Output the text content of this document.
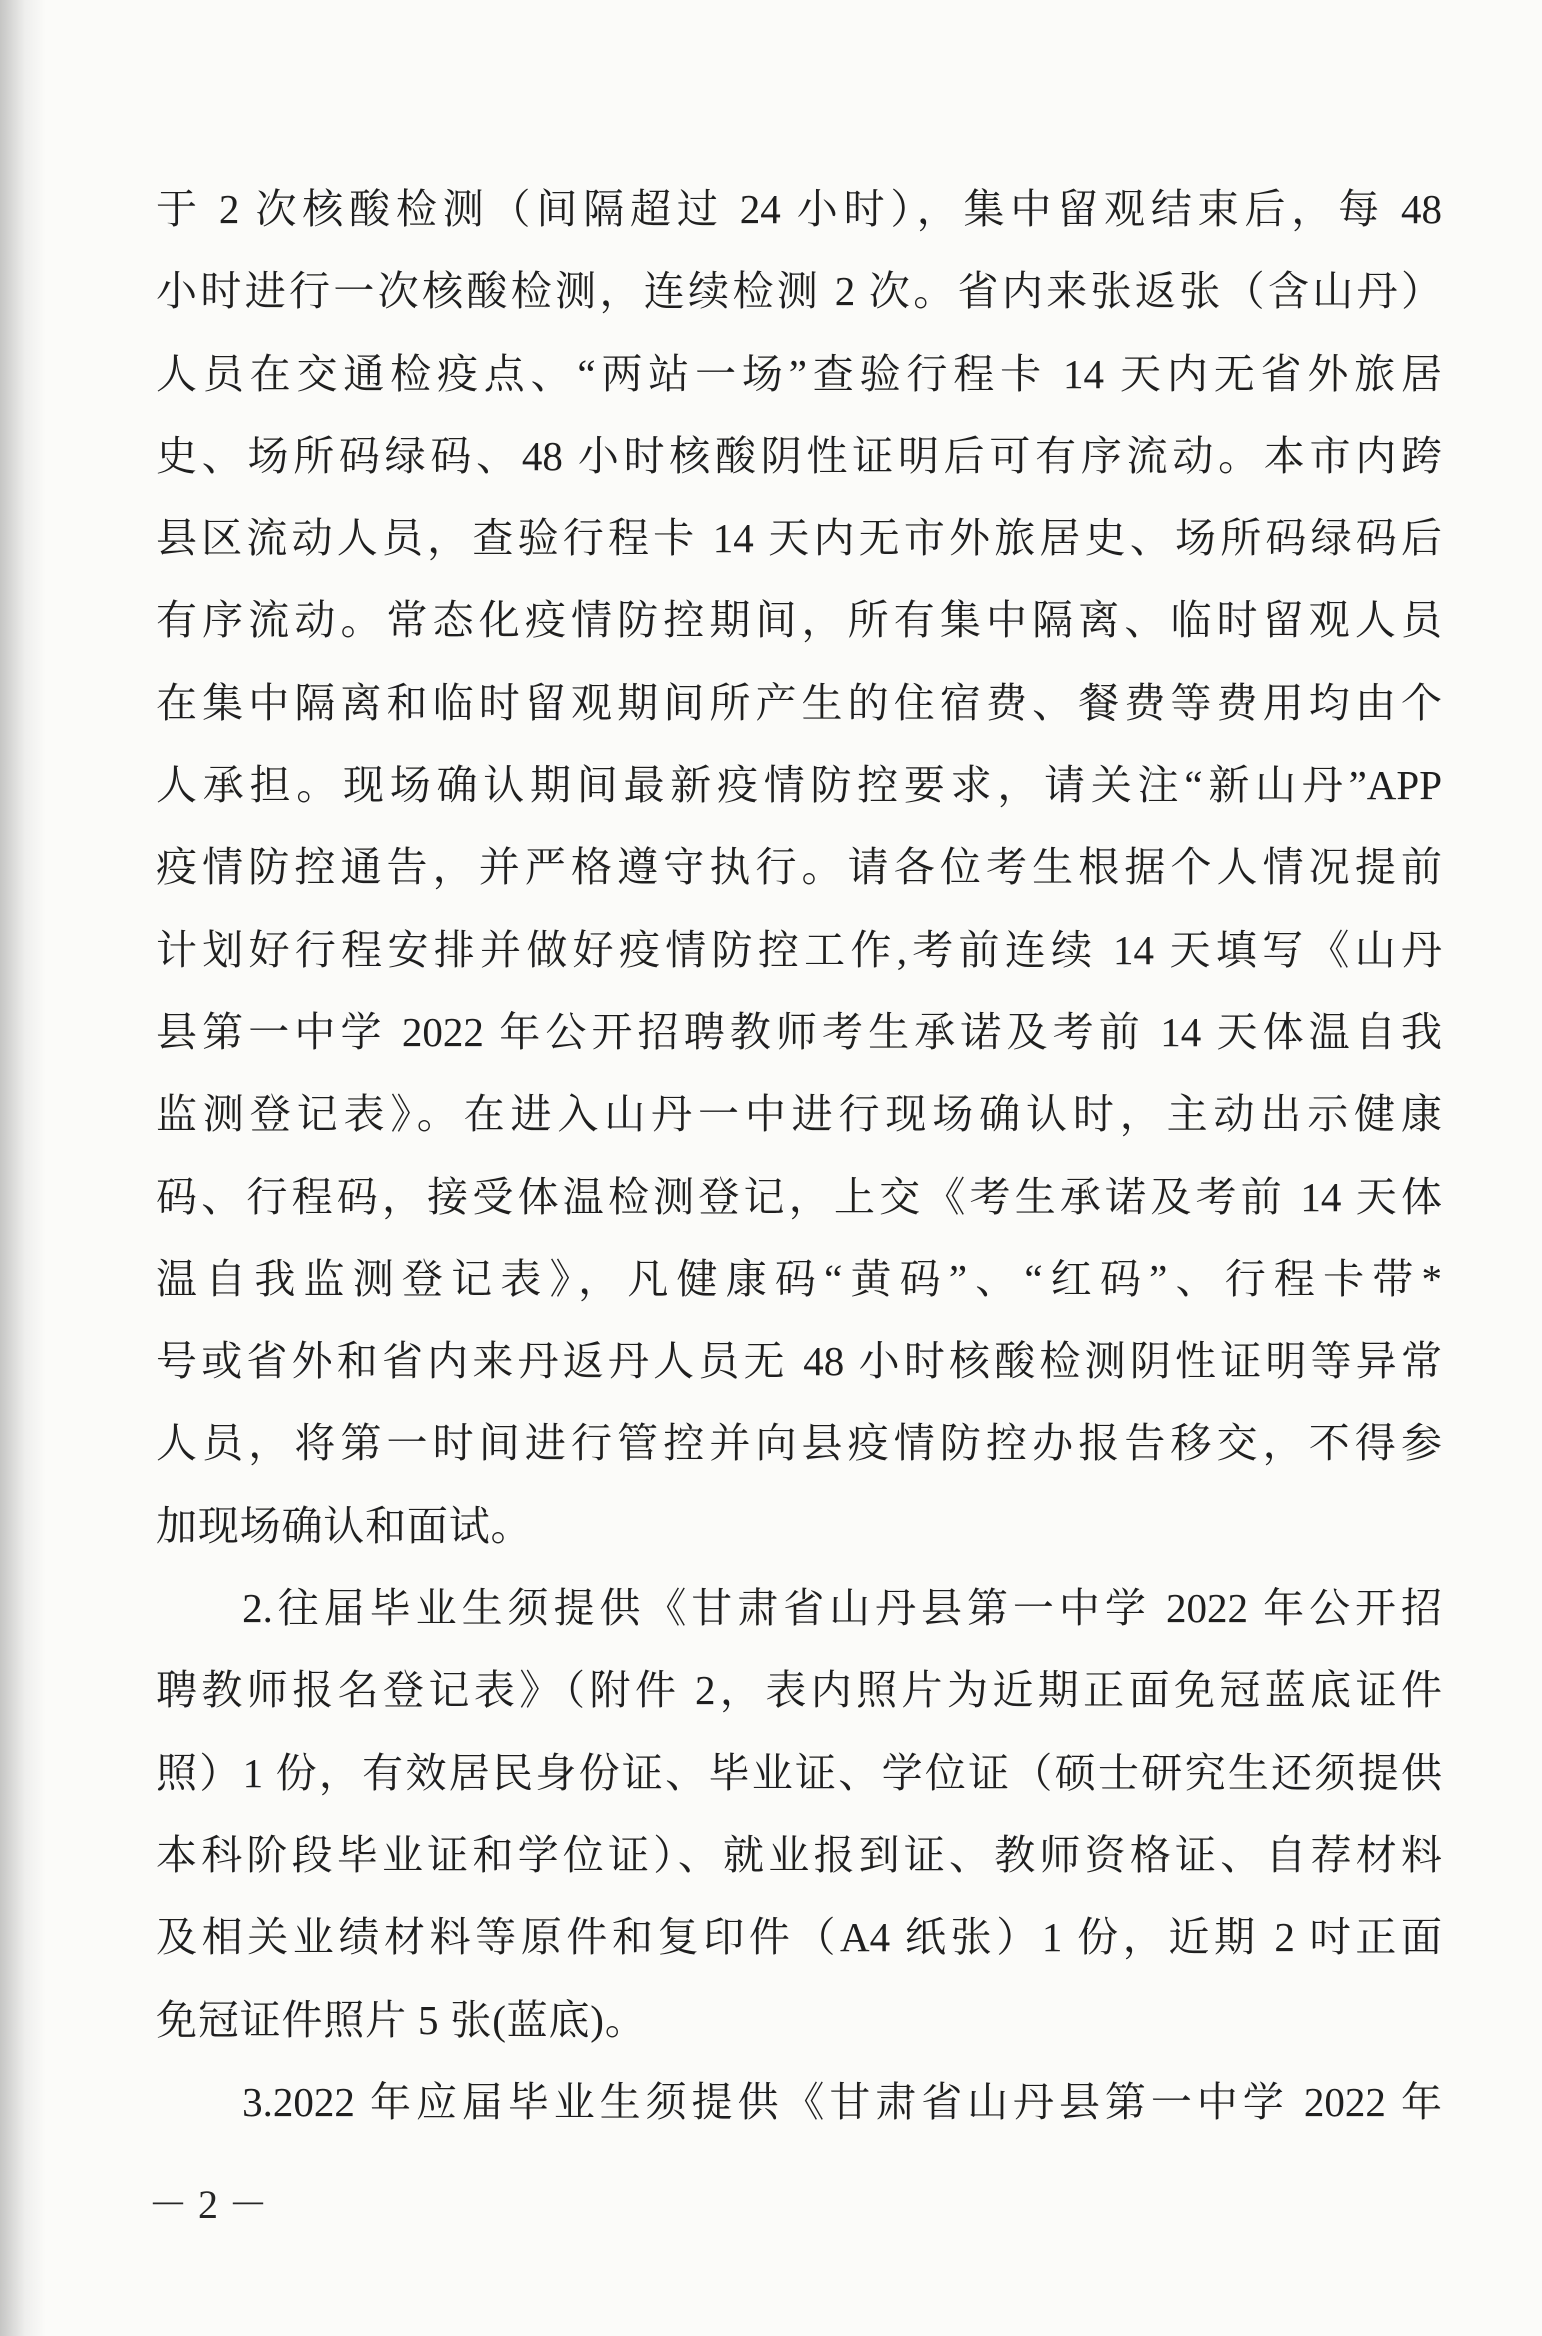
于 2 次核酸检测（间隔超过 24 小时），集中留观结束后，每 48
小时进行一次核酸检测，连续检测 2 次。省内来张返张（含山丹）
人员在交通检疫点、“两站一场”查验行程卡 14 天内无省外旅居
史、场所码绿码、48 小时核酸阴性证明后可有序流动。本市内跨
县区流动人员，查验行程卡 14 天内无市外旅居史、场所码绿码后
有序流动。常态化疫情防控期间，所有集中隔离、临时留观人员
在集中隔离和临时留观期间所产生的住宿费、餐费等费用均由个
人承担。现场确认期间最新疫情防控要求，请关注“新山丹”APP
疫情防控通告，并严格遵守执行。请各位考生根据个人情况提前
计划好行程安排并做好疫情防控工作,考前连续 14 天填写《山丹
县第一中学 2022 年公开招聘教师考生承诺及考前 14 天体温自我
监测登记表》。在进入山丹一中进行现场确认时，主动出示健康
码、行程码，接受体温检测登记，上交《考生承诺及考前 14 天体
温自我监测登记表》，凡健康码“黄码”、“红码”、行程卡带*
号或省外和省内来丹返丹人员无 48 小时核酸检测阴性证明等异常
人员，将第一时间进行管控并向县疫情防控办报告移交，不得参
加现场确认和面试。
2.往届毕业生须提供《甘肃省山丹县第一中学 2022 年公开招
聘教师报名登记表》（附件 2，表内照片为近期正面免冠蓝底证件
照）1 份，有效居民身份证、毕业证、学位证（硕士研究生还须提供
本科阶段毕业证和学位证）、就业报到证、教师资格证、自荐材料
及相关业绩材料等原件和复印件（A4 纸张）1 份，近期 2 吋正面
免冠证件照片 5 张(蓝底)。
3.2022 年应届毕业生须提供《甘肃省山丹县第一中学 2022 年
－ 2 －
